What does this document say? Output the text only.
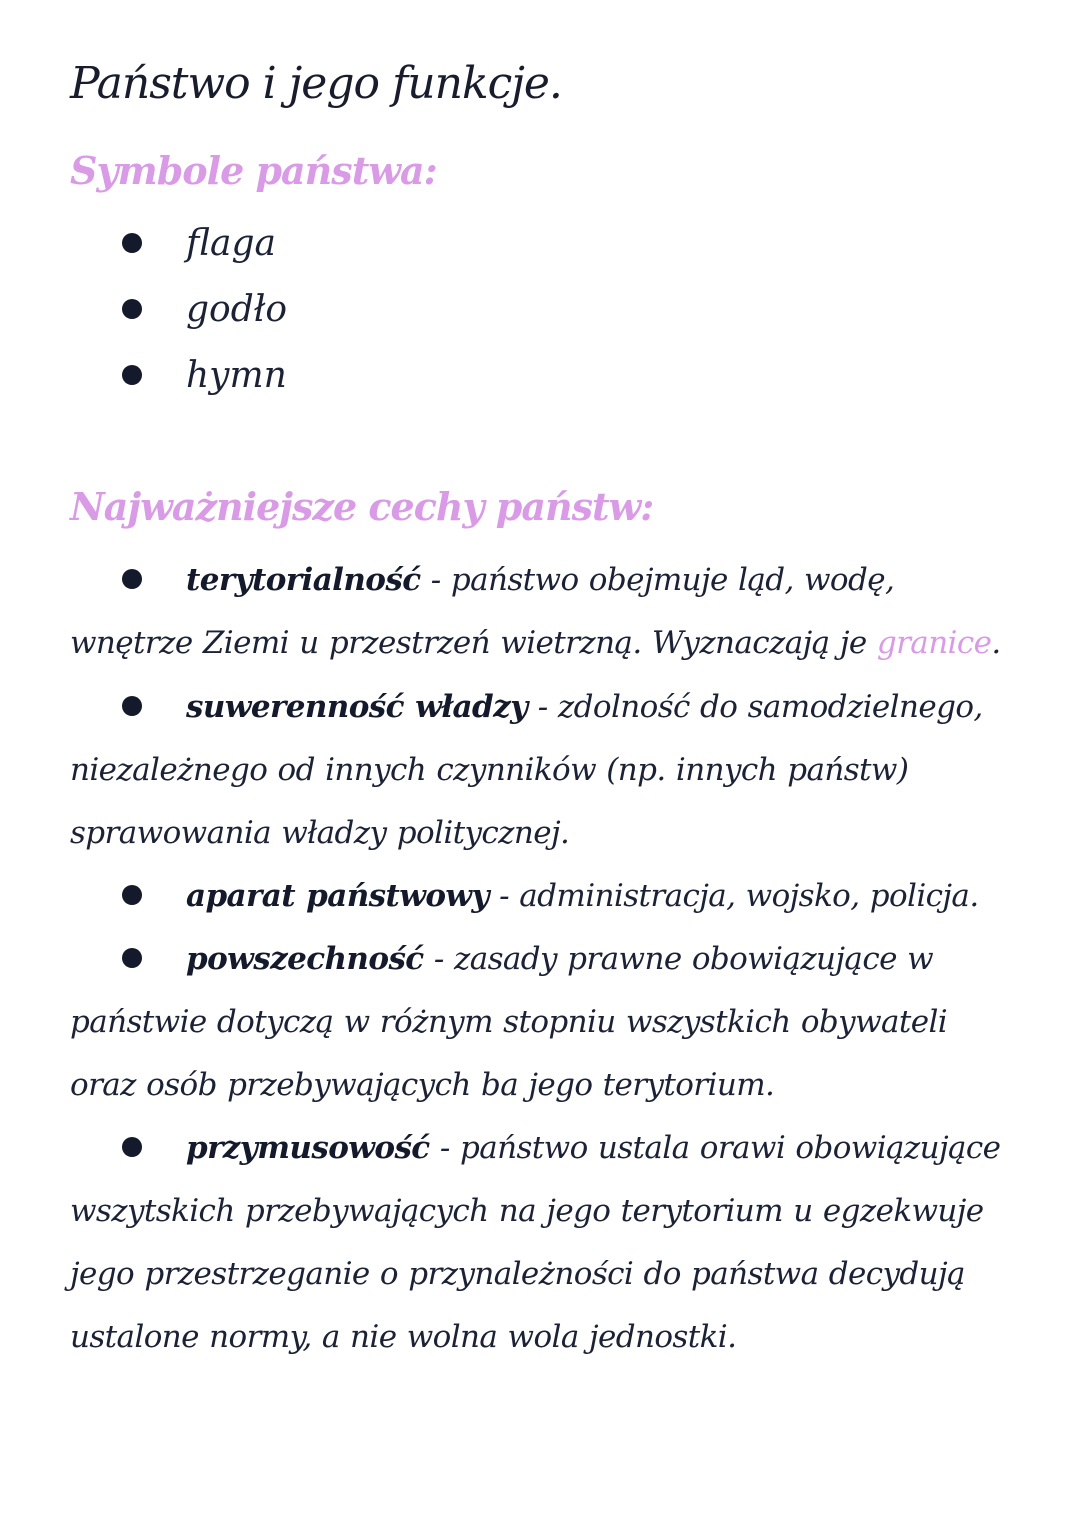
Państwo i jego funkcje.
Symbole państwa:
flaga
godło
hymn
Najważniejsze cechy państw:

terytorialność - państwo obejmuje ląd, wodę, wnętrze Ziemi u przestrzeń wietrzną. Wyznaczają je granice.

suwerenność władzy - zdolność do samodzielnego, niezależnego od innych czynników (np. innych państw) sprawowania władzy politycznej.

aparat państwowy - administracja, wojsko, policja.

powszechność - zasady prawne obowiązujące w państwie dotyczą w różnym stopniu wszystkich obywateli oraz osób przebywających ba jego terytorium.

przymusowość - państwo ustala orawi obowiązujące wszytskich przebywających na jego terytorium u egzekwuje jego przestrzeganie o przynależności do państwa decydują ustalone normy, a nie wolna wola jednostki.
